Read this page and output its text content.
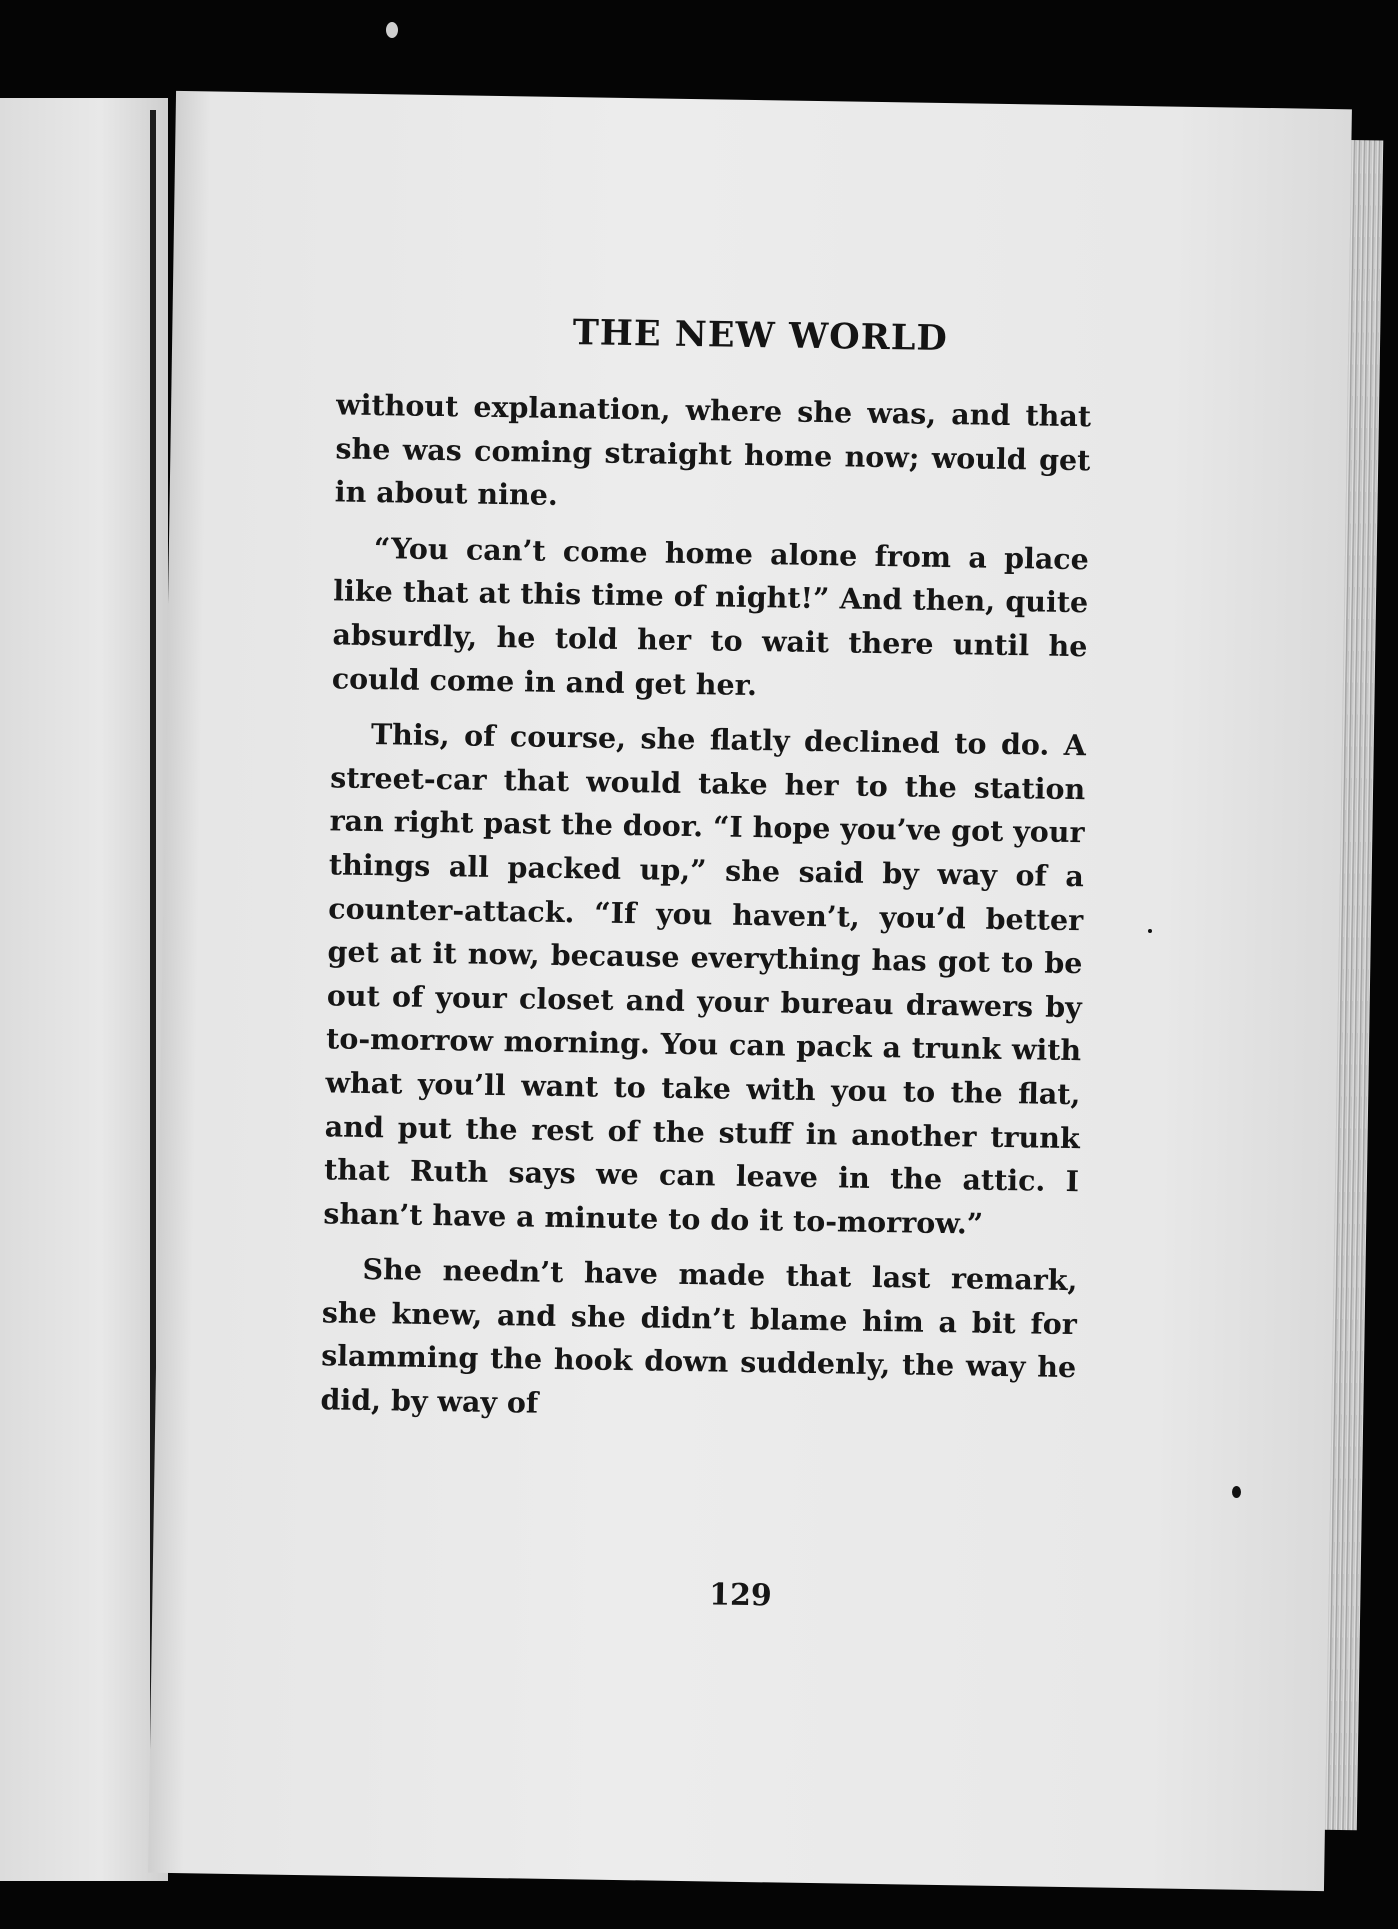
THE NEW WORLD

without explanation, where she was, and that she was coming straight home now; would get in about nine.

“You can’t come home alone from a place like that at this time of night!” And then, quite absurdly, he told her to wait there until he could come in and get her.

This, of course, she flatly declined to do. A street-car that would take her to the station ran right past the door. “I hope you’ve got your things all packed up,” she said by way of a counter-attack. “If you haven’t, you’d better get at it now, because everything has got to be out of your closet and your bureau drawers by to-morrow morning. You can pack a trunk with what you’ll want to take with you to the flat, and put the rest of the stuff in another trunk that Ruth says we can leave in the attic. I shan’t have a minute to do it to-morrow.”

She needn’t have made that last remark, she knew, and she didn’t blame him a bit for slamming the hook down suddenly, the way he did, by way of

129
